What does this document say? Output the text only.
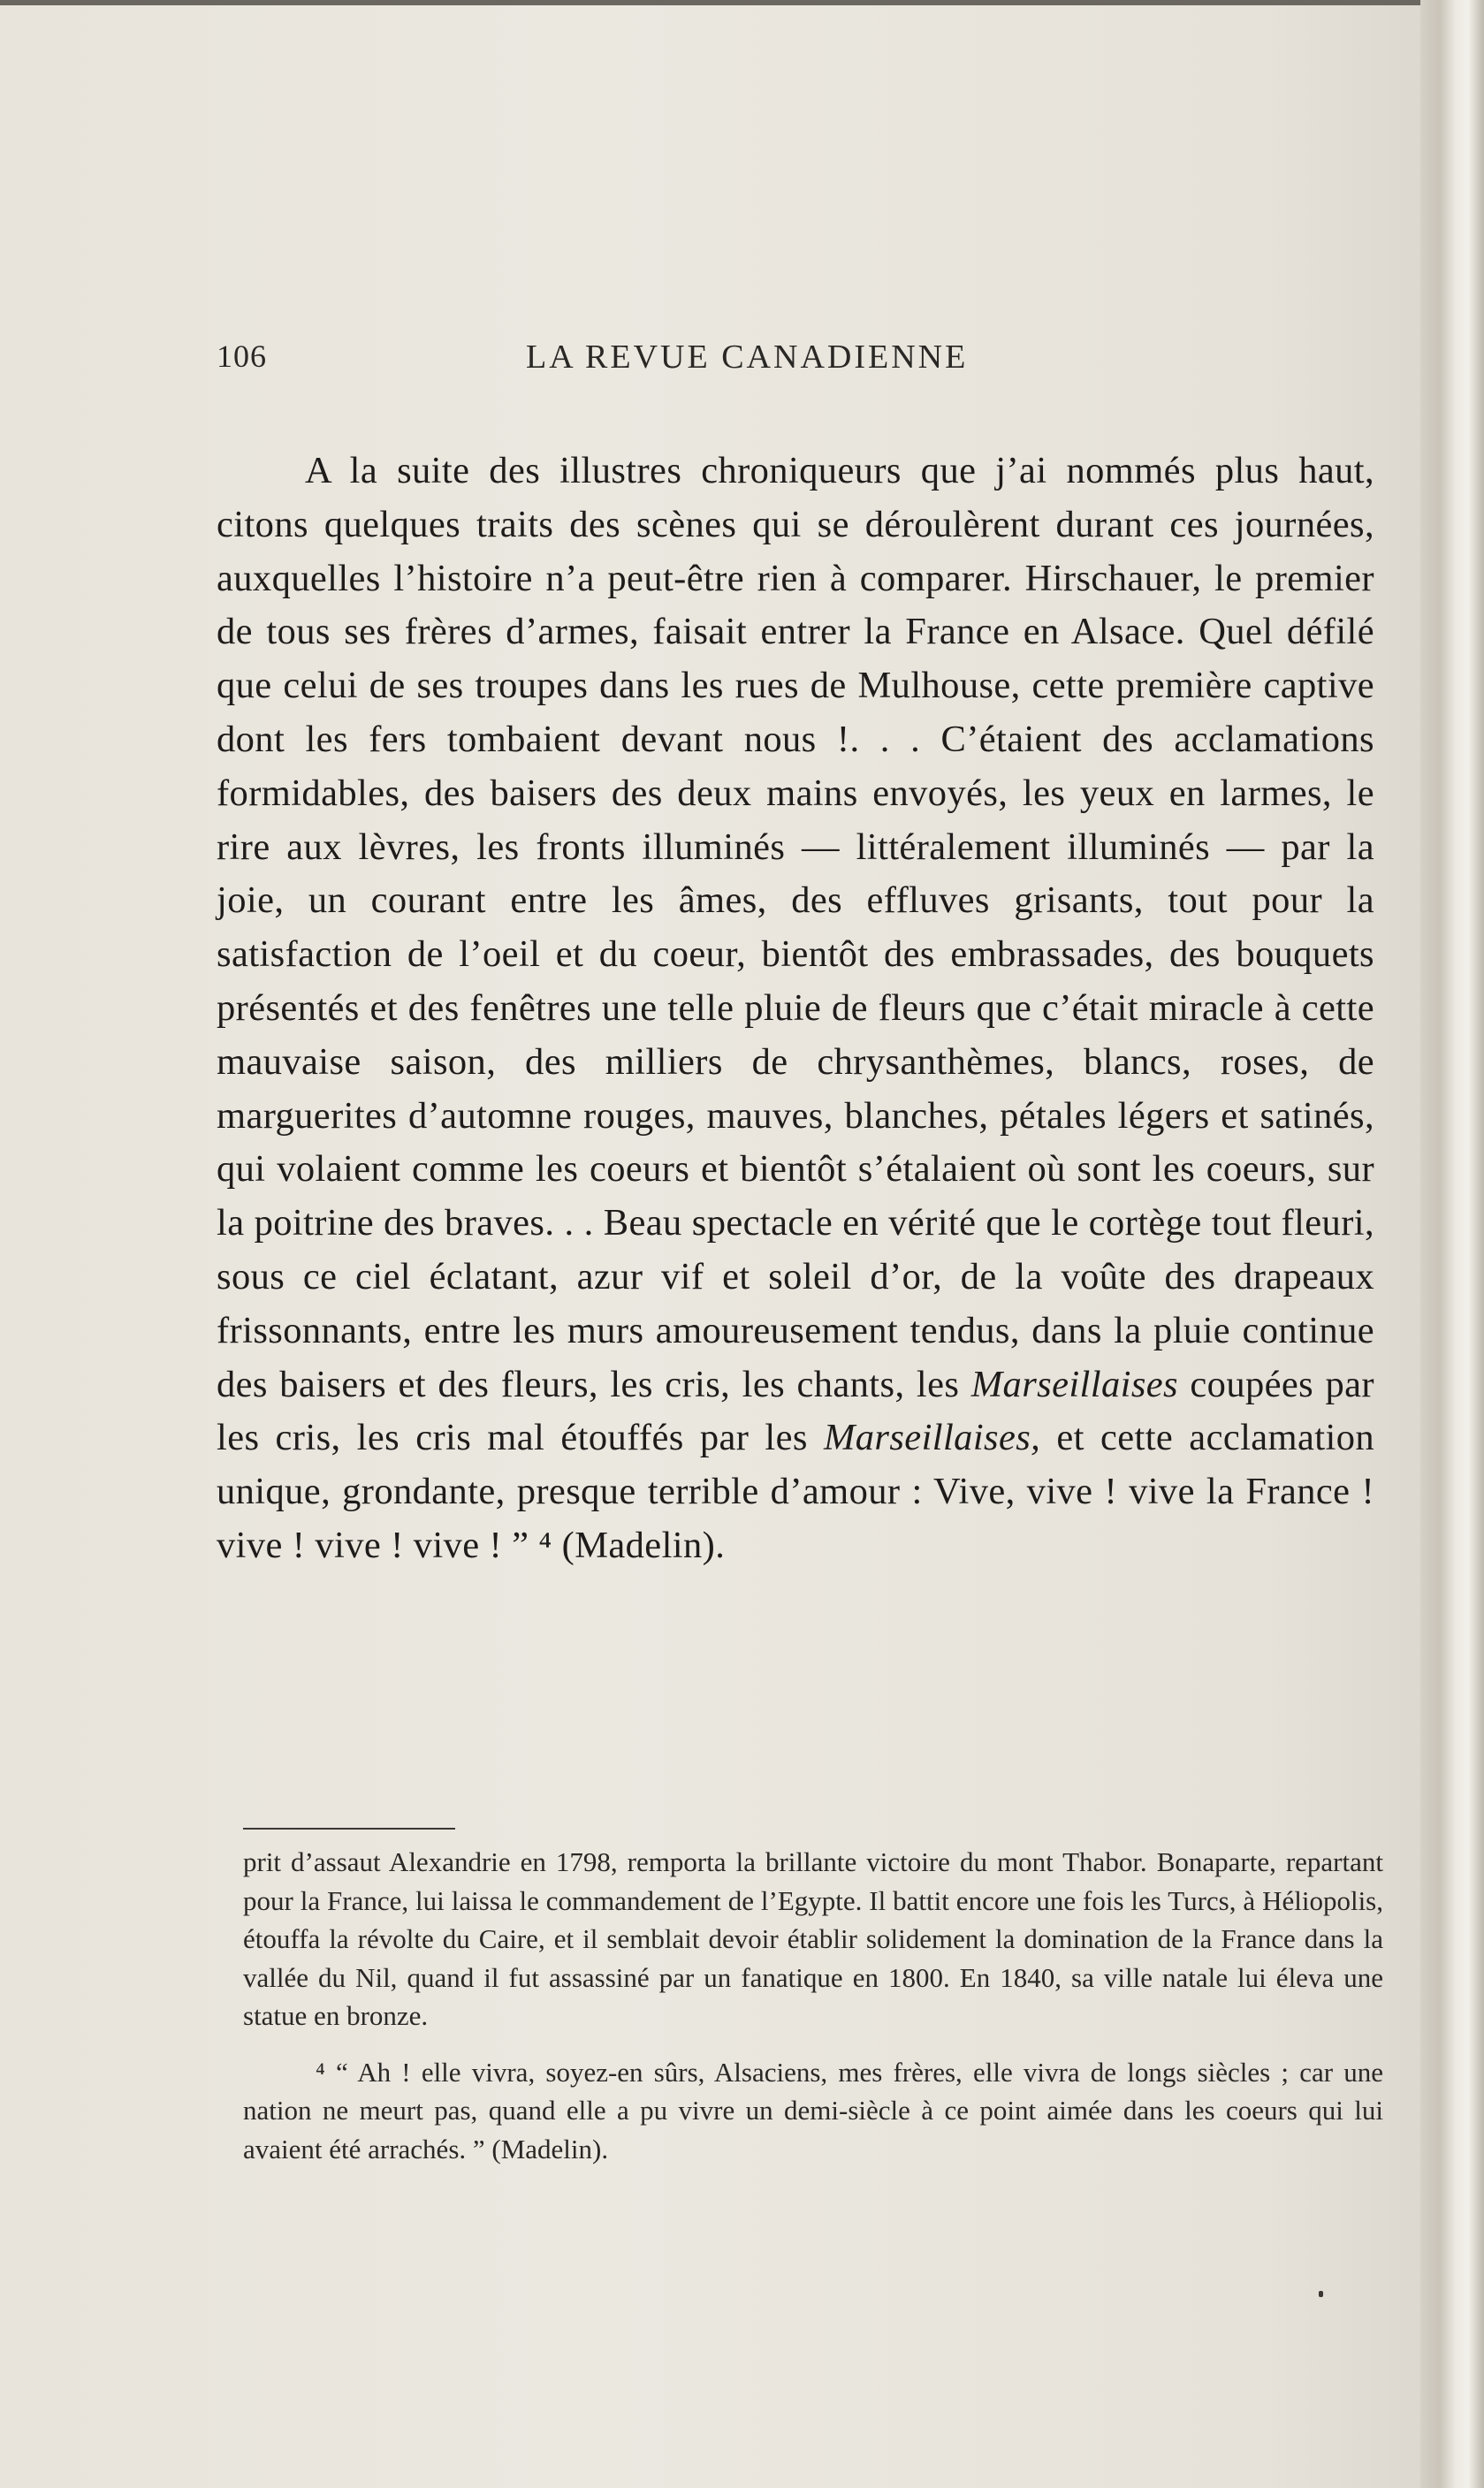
106	LA REVUE CANADIENNE

A la suite des illustres chroniqueurs que j’ai nommés plus haut, citons quelques traits des scènes qui se déroulèrent durant ces journées, auxquelles l’histoire n’a peut-être rien à comparer. Hirschauer, le premier de tous ses frères d’armes, faisait entrer la France en Alsace. Quel défilé que celui de ses troupes dans les rues de Mulhouse, cette première captive dont les fers tombaient devant nous !. . . C’étaient des acclamations formidables, des baisers des deux mains envoyés, les yeux en larmes, le rire aux lèvres, les fronts illuminés — littéralement illuminés — par la joie, un courant entre les âmes, des effluves grisants, tout pour la satisfaction de l’oeil et du coeur, bientôt des embrassades, des bouquets présentés et des fenêtres une telle pluie de fleurs que c’était miracle à cette mauvaise saison, des milliers de chrysanthèmes, blancs, roses, de marguerites d’automne rouges, mauves, blanches, pétales légers et satinés, qui volaient comme les coeurs et bientôt s’étalaient où sont les coeurs, sur la poitrine des braves. . . Beau spectacle en vérité que le cortège tout fleuri, sous ce ciel éclatant, azur vif et soleil d’or, de la voûte des drapeaux frissonnants, entre les murs amoureusement tendus, dans la pluie continue des baisers et des fleurs, les cris, les chants, les Marseillaises coupées par les cris, les cris mal étouffés par les Marseillaises, et cette acclamation unique, grondante, presque terrible d’amour : Vive, vive ! vive la France ! vive ! vive ! vive ! ” ⁴ (Madelin).

prit d’assaut Alexandrie en 1798, remporta la brillante victoire du mont Thabor. Bonaparte, repartant pour la France, lui laissa le commandement de l’Egypte. Il battit encore une fois les Turcs, à Héliopolis, étouffa la révolte du Caire, et il semblait devoir établir solidement la domination de la France dans la vallée du Nil, quand il fut assassiné par un fanatique en 1800. En 1840, sa ville natale lui éleva une statue en bronze.

⁴ “ Ah ! elle vivra, soyez-en sûrs, Alsaciens, mes frères, elle vivra de longs siècles ; car une nation ne meurt pas, quand elle a pu vivre un demi-siècle à ce point aimée dans les coeurs qui lui avaient été arrachés. ” (Madelin).
